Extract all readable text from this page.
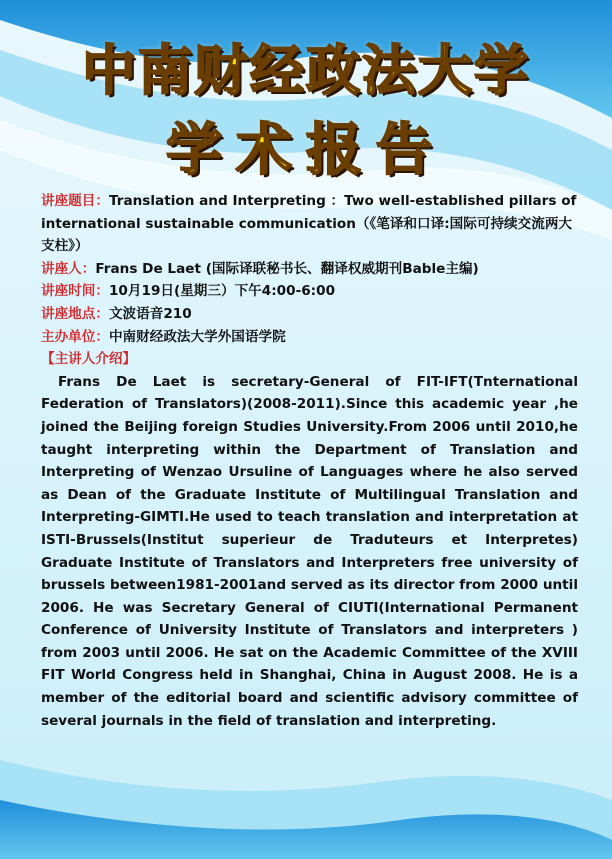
中南财经政法大学
学术报告

讲座题目：Translation and Interpreting ：Two well-established pillars of international sustainable communication（《笔译和口译:国际可持续交流两大支柱》）

讲座人：Frans De Laet (国际译联秘书长、翻译权威期刊Bable主编)

讲座时间：10月19日(星期三）下午4:00-6:00

讲座地点：文波语音210

主办单位：中南财经政法大学外国语学院

【主讲人介绍】

Frans De Laet is secretary-General of FIT-IFT(Tnternational Federation of Translators)(2008-2011).Since this academic year ,he joined the Beijing foreign Studies University.From 2006 until 2010,he taught interpreting within the Department of Translation and Interpreting of Wenzao Ursuline of Languages where he also served as Dean of the Graduate Institute of Multilingual Translation and Interpreting-GIMTI.He used to teach translation and interpretation at ISTI-Brussels(Institut superieur de Traduteurs et Interpretes) Graduate Institute of Translators and Interpreters free university of brussels between1981-2001and served as its director from 2000 until 2006. He was Secretary General of CIUTI(International Permanent Conference of University Institute of Translators and interpreters ) from 2003 until 2006. He sat on the Academic Committee of the XVIII FIT World Congress held in Shanghai, China in August 2008. He is a member of the editorial board and scientific advisory committee of several journals in the field of translation and interpreting.
